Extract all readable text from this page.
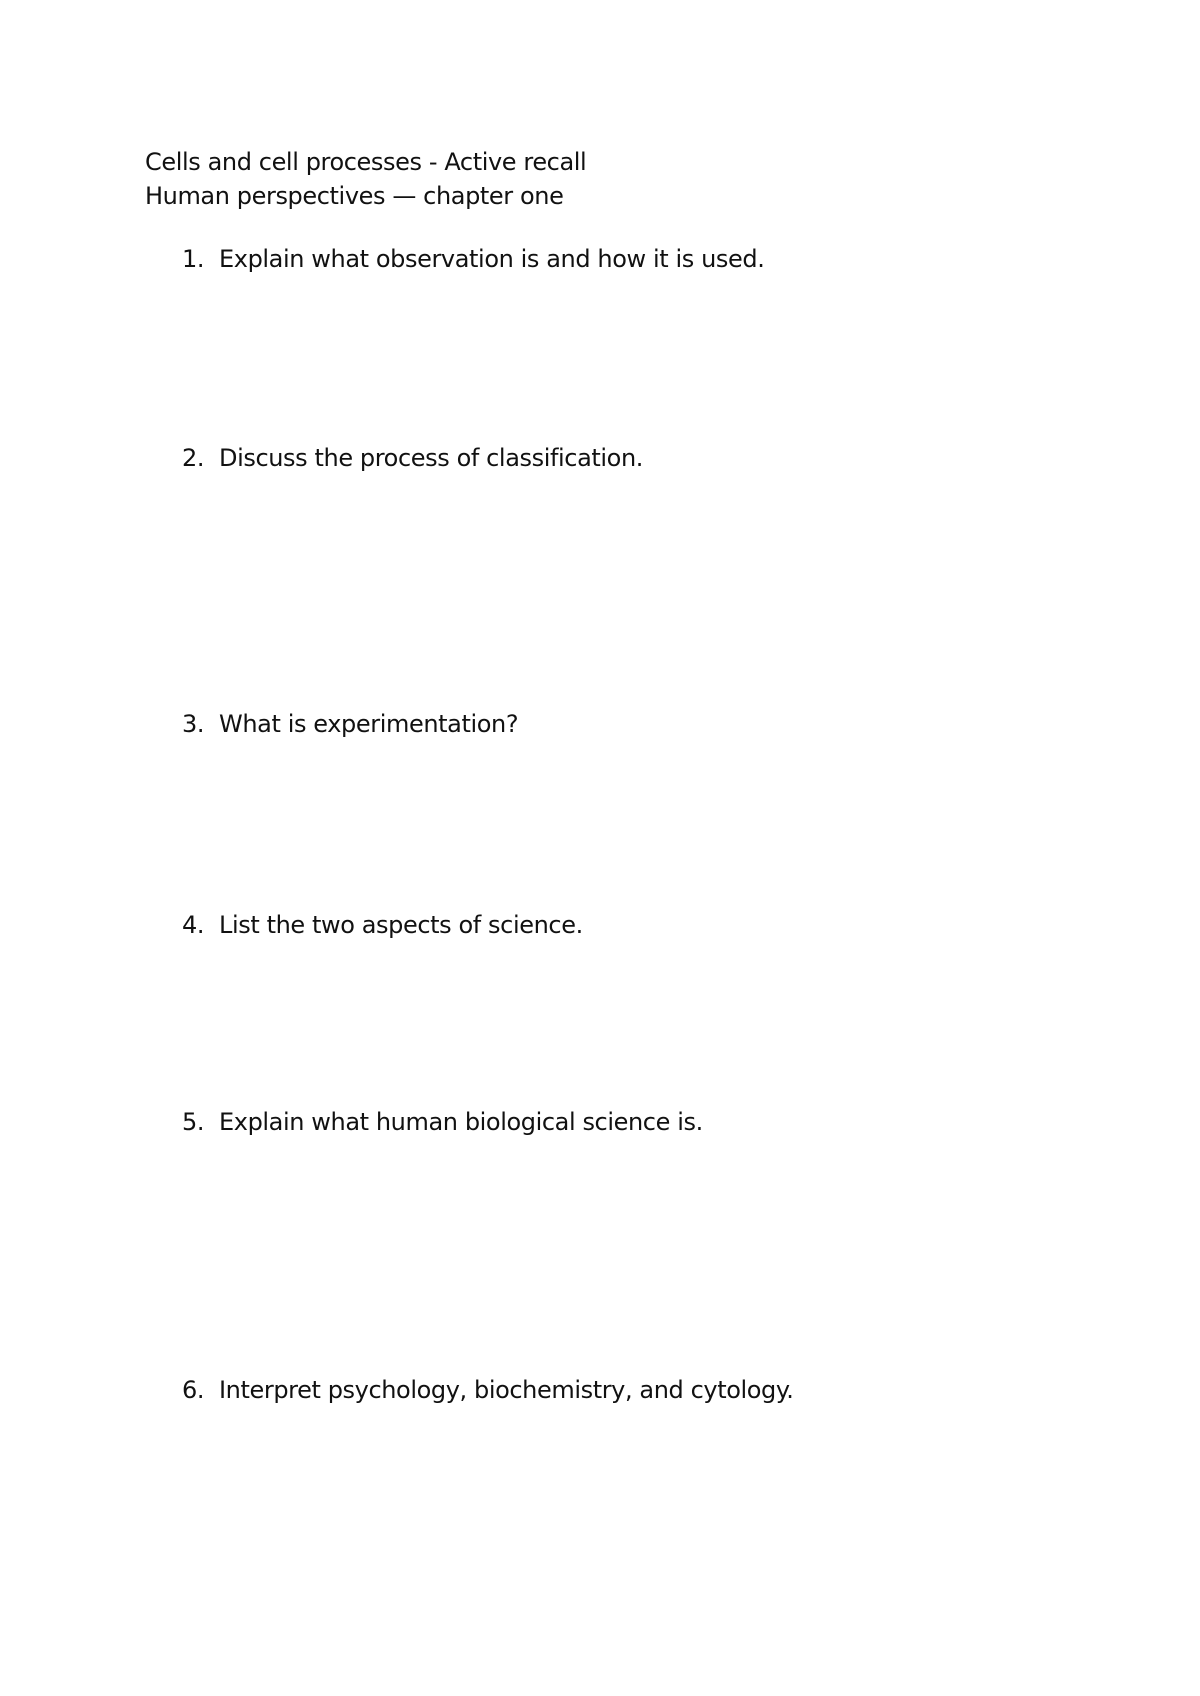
Cells and cell processes - Active recall
Human perspectives — chapter one
1. Explain what observation is and how it is used.
2. Discuss the process of classification.
3. What is experimentation?
4. List the two aspects of science.
5. Explain what human biological science is.
6. Interpret psychology, biochemistry, and cytology.
